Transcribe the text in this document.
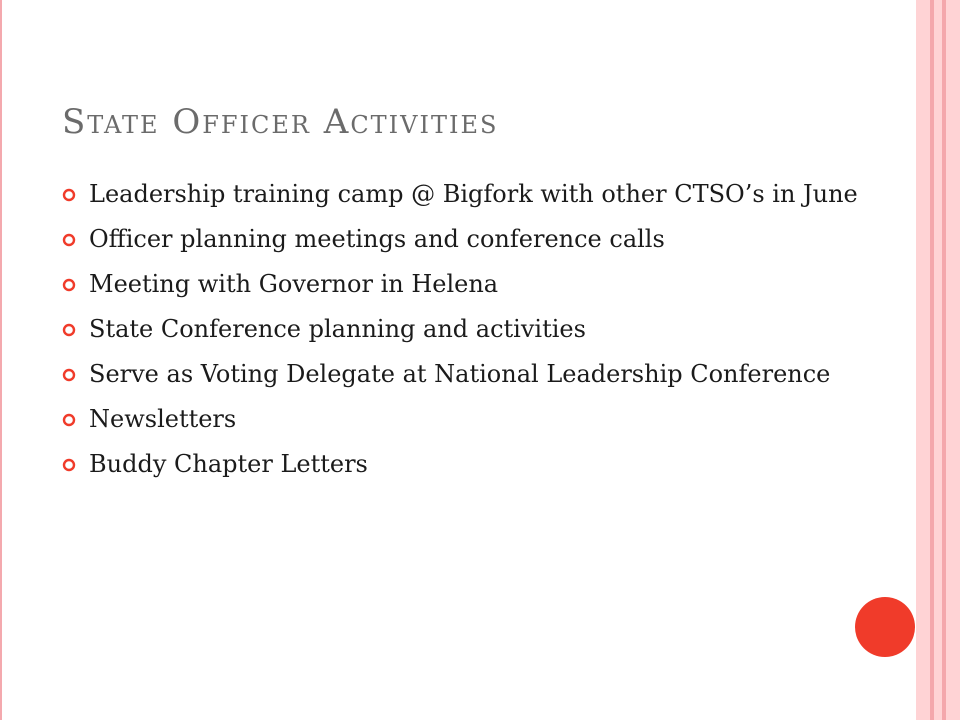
State Officer Activities
Leadership training camp @ Bigfork with other CTSO’s in June
Officer planning meetings and conference calls
Meeting with Governor in Helena
State Conference planning and activities
Serve as Voting Delegate at National Leadership Conference
Newsletters
Buddy Chapter Letters
